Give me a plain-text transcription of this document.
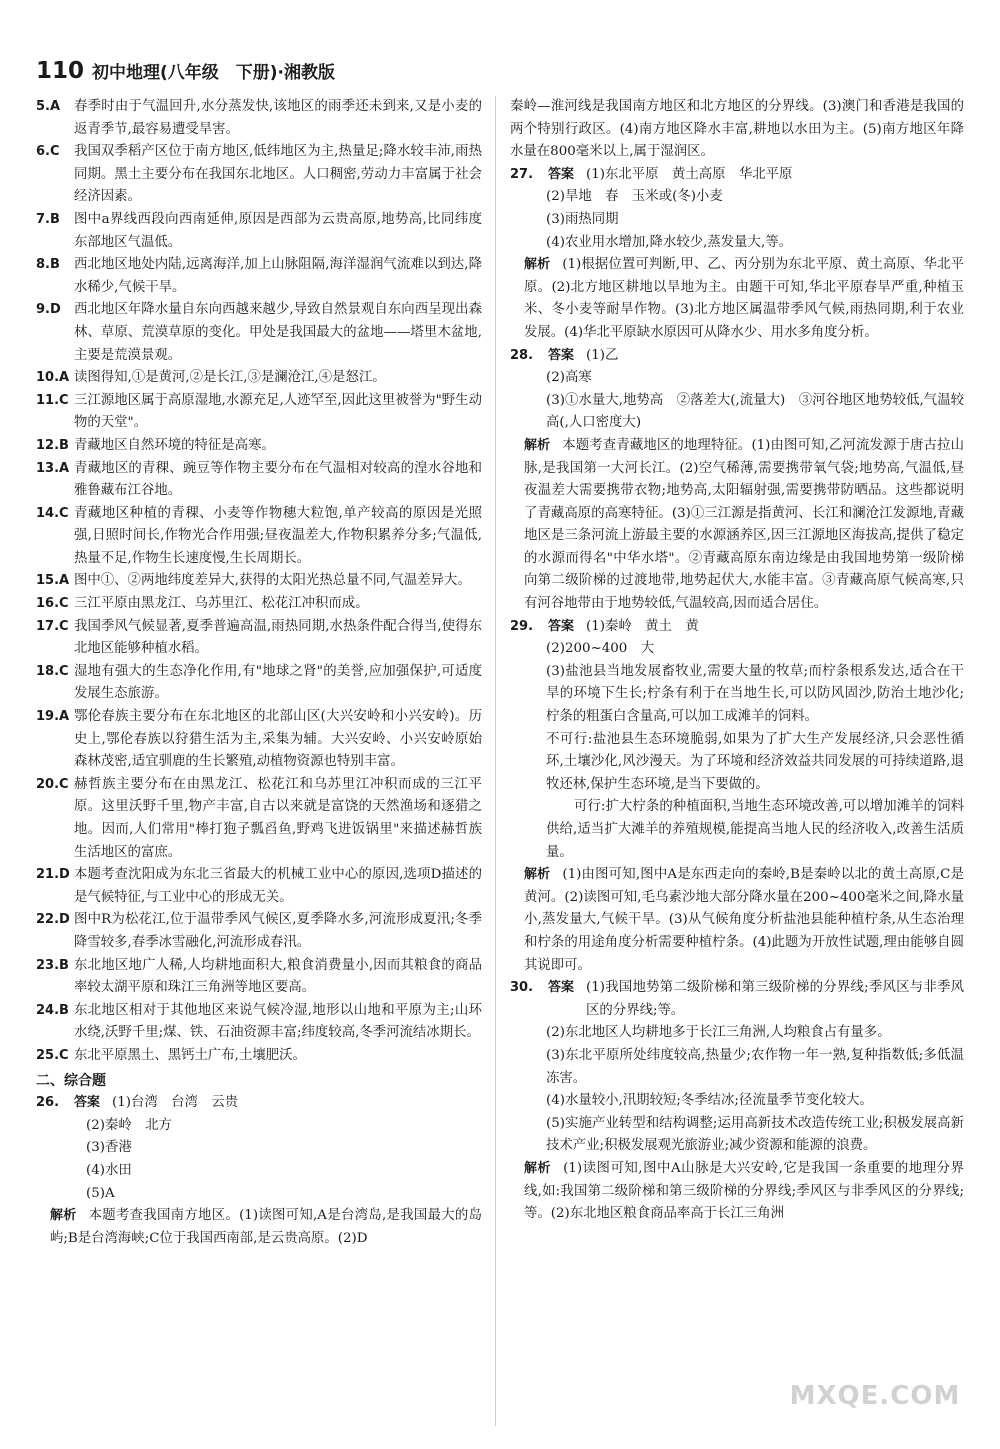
110 初中地理(八年级　下册)·湘教版
5.A	春季时由于气温回升,水分蒸发快,该地区的雨季还未到来,又是小麦的返青季节,最容易遭受旱害。
6.C	我国双季稻产区位于南方地区,低纬地区为主,热量足;降水较丰沛,雨热同期。黑土主要分布在我国东北地区。人口稠密,劳动力丰富属于社会经济因素。
7.B	图中a界线西段向西南延伸,原因是西部为云贵高原,地势高,比同纬度东部地区气温低。
8.B	西北地区地处内陆,远离海洋,加上山脉阻隔,海洋湿润气流难以到达,降水稀少,气候干旱。
9.D 西北地区年降水量自东向西越来越少,导致自然景观自东向西呈现出森林、草原、荒漠草原的变化。甲处是我国最大的盆地——塔里木盆地,主要是荒漠景观。
10.A 读图得知,①是黄河,②是长江,③是澜沧江,④是怒江。
11.C 三江源地区属于高原湿地,水源充足,人迹罕至,因此这里被誉为"野生动物的天堂"。
12.B 青藏地区自然环境的特征是高寒。
13.A 青藏地区的青稞、豌豆等作物主要分布在气温相对较高的湟水谷地和雅鲁藏布江谷地。
14.C 青藏地区种植的青稞、小麦等作物穗大粒饱,单产较高的原因是光照强,日照时间长,作物光合作用强;昼夜温差大,作物积累养分多;气温低,热量不足,作物生长速度慢,生长周期长。
15.A 图中①、②两地纬度差异大,获得的太阳光热总量不同,气温差异大。
16.C 三江平原由黑龙江、乌苏里江、松花江冲积而成。
17.C 我国季风气候显著,夏季普遍高温,雨热同期,水热条件配合得当,使得东北地区能够种植水稻。
18.C 湿地有强大的生态净化作用,有"地球之肾"的美誉,应加强保护,可适度发展生态旅游。
19.A 鄂伦春族主要分布在东北地区的北部山区(大兴安岭和小兴安岭)。历史上,鄂伦春族以狩猎生活为主,采集为辅。大兴安岭、小兴安岭原始森林茂密,适宜驯鹿的生长繁殖,动植物资源也特别丰富。
20.C 赫哲族主要分布在由黑龙江、松花江和乌苏里江冲积而成的三江平原。这里沃野千里,物产丰富,自古以来就是富饶的天然渔场和逐猎之地。因而,人们常用"棒打狍子瓢舀鱼,野鸡飞进饭锅里"来描述赫哲族生活地区的富庶。
21.D 本题考查沈阳成为东北三省最大的机械工业中心的原因,选项D描述的是气候特征,与工业中心的形成无关。
22.D 图中R为松花江,位于温带季风气候区,夏季降水多,河流形成夏汛;冬季降雪较多,春季冰雪融化,河流形成春汛。
23.B 东北地区地广人稀,人均耕地面积大,粮食消费量小,因而其粮食的商品率较太湖平原和珠江三角洲等地区要高。
24.B 东北地区相对于其他地区来说气候冷湿,地形以山地和平原为主;山环水绕,沃野千里;煤、铁、石油资源丰富;纬度较高,冬季河流结冰期长。
25.C 东北平原黑土、黑钙土广布,土壤肥沃。
二、综合题
26.	答案 (1)台湾　台湾　云贵
(2)秦岭　北方
(3)香港
(4)水田
(5)A
解析 本题考查我国南方地区。(1)读图可知,A是台湾岛,是我国最大的岛屿;B是台湾海峡;C位于我国西南部,是云贵高原。(2)D
秦岭—淮河线是我国南方地区和北方地区的分界线。(3)澳门和香港是我国的两个特别行政区。(4)南方地区降水丰富,耕地以水田为主。(5)南方地区年降水量在800毫米以上,属于湿润区。
27.	答案 (1)东北平原　黄土高原　华北平原
(2)旱地　春　玉米或(冬)小麦
(3)雨热同期
(4)农业用水增加,降水较少,蒸发量大,等。
解析 (1)根据位置可判断,甲、乙、丙分别为东北平原、黄土高原、华北平原。(2)北方地区耕地以旱地为主。由题干可知,华北平原春旱严重,种植玉米、冬小麦等耐旱作物。(3)北方地区属温带季风气候,雨热同期,利于农业发展。(4)华北平原缺水原因可从降水少、用水多角度分析。
28.	答案 (1)乙
(2)高寒
(3)①水量大,地势高　②落差大(,流量大)　③河谷地区地势较低,气温较高(,人口密度大)
解析 本题考查青藏地区的地理特征。(1)由图可知,乙河流发源于唐古拉山脉,是我国第一大河长江。(2)空气稀薄,需要携带氧气袋;地势高,气温低,昼夜温差大需要携带衣物;地势高,太阳辐射强,需要携带防晒品。这些都说明了青藏高原的高寒特征。(3)①三江源是指黄河、长江和澜沧江发源地,青藏地区是三条河流上游最主要的水源涵养区,因三江源地区海拔高,提供了稳定的水源而得名"中华水塔"。②青藏高原东南边缘是由我国地势第一级阶梯向第二级阶梯的过渡地带,地势起伏大,水能丰富。③青藏高原气候高寒,只有河谷地带由于地势较低,气温较高,因而适合居住。
29.	答案 (1)秦岭　黄土　黄
(2)200~400　大
(3)盐池县当地发展畜牧业,需要大量的牧草;而柠条根系发达,适合在干旱的环境下生长;柠条有利于在当地生长,可以防风固沙,防治土地沙化;柠条的粗蛋白含量高,可以加工成滩羊的饲料。
不可行:盐池县生态环境脆弱,如果为了扩大生产发展经济,只会恶性循环,土壤沙化,风沙漫天。为了环境和经济效益共同发展的可持续道路,退牧还林,保护生态环境,是当下要做的。
可行:扩大柠条的种植面积,当地生态环境改善,可以增加滩羊的饲料供给,适当扩大滩羊的养殖规模,能提高当地人民的经济收入,改善生活质量。
解析 (1)由图可知,图中A是东西走向的秦岭,B是秦岭以北的黄土高原,C是黄河。(2)读图可知,毛乌素沙地大部分降水量在200~400毫米之间,降水量小,蒸发量大,气候干旱。(3)从气候角度分析盐池县能种植柠条,从生态治理和柠条的用途角度分析需要种植柠条。(4)此题为开放性试题,理由能够自圆其说即可。
30.	答案 (1)我国地势第二级阶梯和第三级阶梯的分界线;季风区与非季风区的分界线;等。
(2)东北地区人均耕地多于长江三角洲,人均粮食占有量多。
(3)东北平原所处纬度较高,热量少;农作物一年一熟,复种指数低;多低温冻害。
(4)水量较小,汛期较短;冬季结冰;径流量季节变化较大。
(5)实施产业转型和结构调整;运用高新技术改造传统工业;积极发展高新技术产业;积极发展观光旅游业;减少资源和能源的浪费。
解析 (1)读图可知,图中A山脉是大兴安岭,它是我国一条重要的地理分界线,如:我国第二级阶梯和第三级阶梯的分界线;季风区与非季风区的分界线;等。(2)东北地区粮食商品率高于长江三角洲
MXQE.COM
